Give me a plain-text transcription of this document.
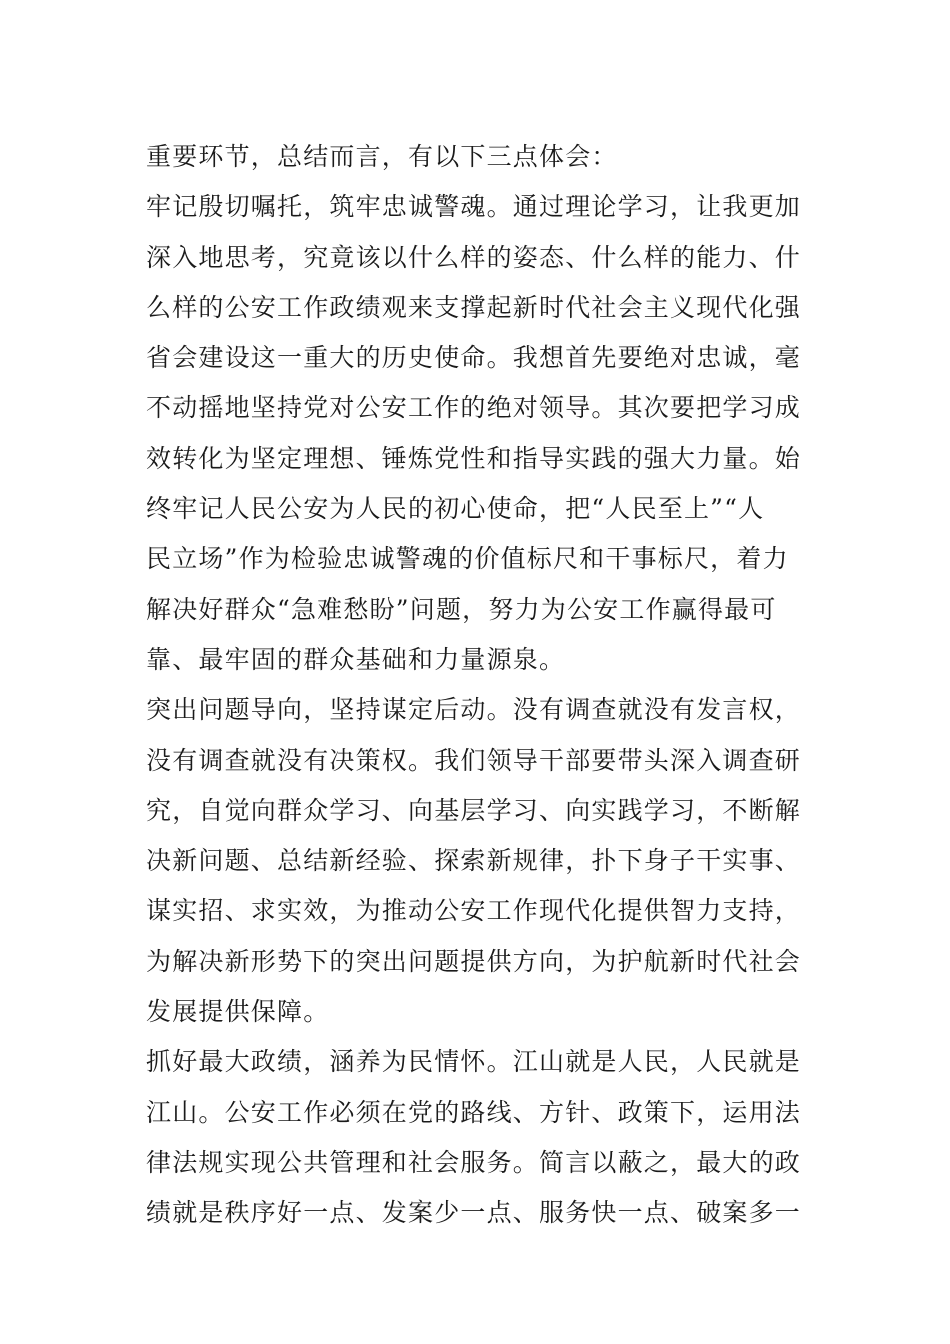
重要环节，总结而言，有以下三点体会：
牢记殷切嘱托，筑牢忠诚警魂。通过理论学习，让我更加
深入地思考，究竟该以什么样的姿态、什么样的能力、什
么样的公安工作政绩观来支撑起新时代社会主义现代化强
省会建设这一重大的历史使命。我想首先要绝对忠诚，毫
不动摇地坚持党对公安工作的绝对领导。其次要把学习成
效转化为坚定理想、锤炼党性和指导实践的强大力量。始
终牢记人民公安为人民的初心使命，把“人民至上”“人
民立场”作为检验忠诚警魂的价值标尺和干事标尺，着力
解决好群众“急难愁盼”问题，努力为公安工作赢得最可
靠、最牢固的群众基础和力量源泉。
突出问题导向，坚持谋定后动。没有调查就没有发言权，
没有调查就没有决策权。我们领导干部要带头深入调查研
究，自觉向群众学习、向基层学习、向实践学习，不断解
决新问题、总结新经验、探索新规律，扑下身子干实事、
谋实招、求实效，为推动公安工作现代化提供智力支持，
为解决新形势下的突出问题提供方向，为护航新时代社会
发展提供保障。
抓好最大政绩，涵养为民情怀。江山就是人民，人民就是
江山。公安工作必须在党的路线、方针、政策下，运用法
律法规实现公共管理和社会服务。简言以蔽之，最大的政
绩就是秩序好一点、发案少一点、服务快一点、破案多一
